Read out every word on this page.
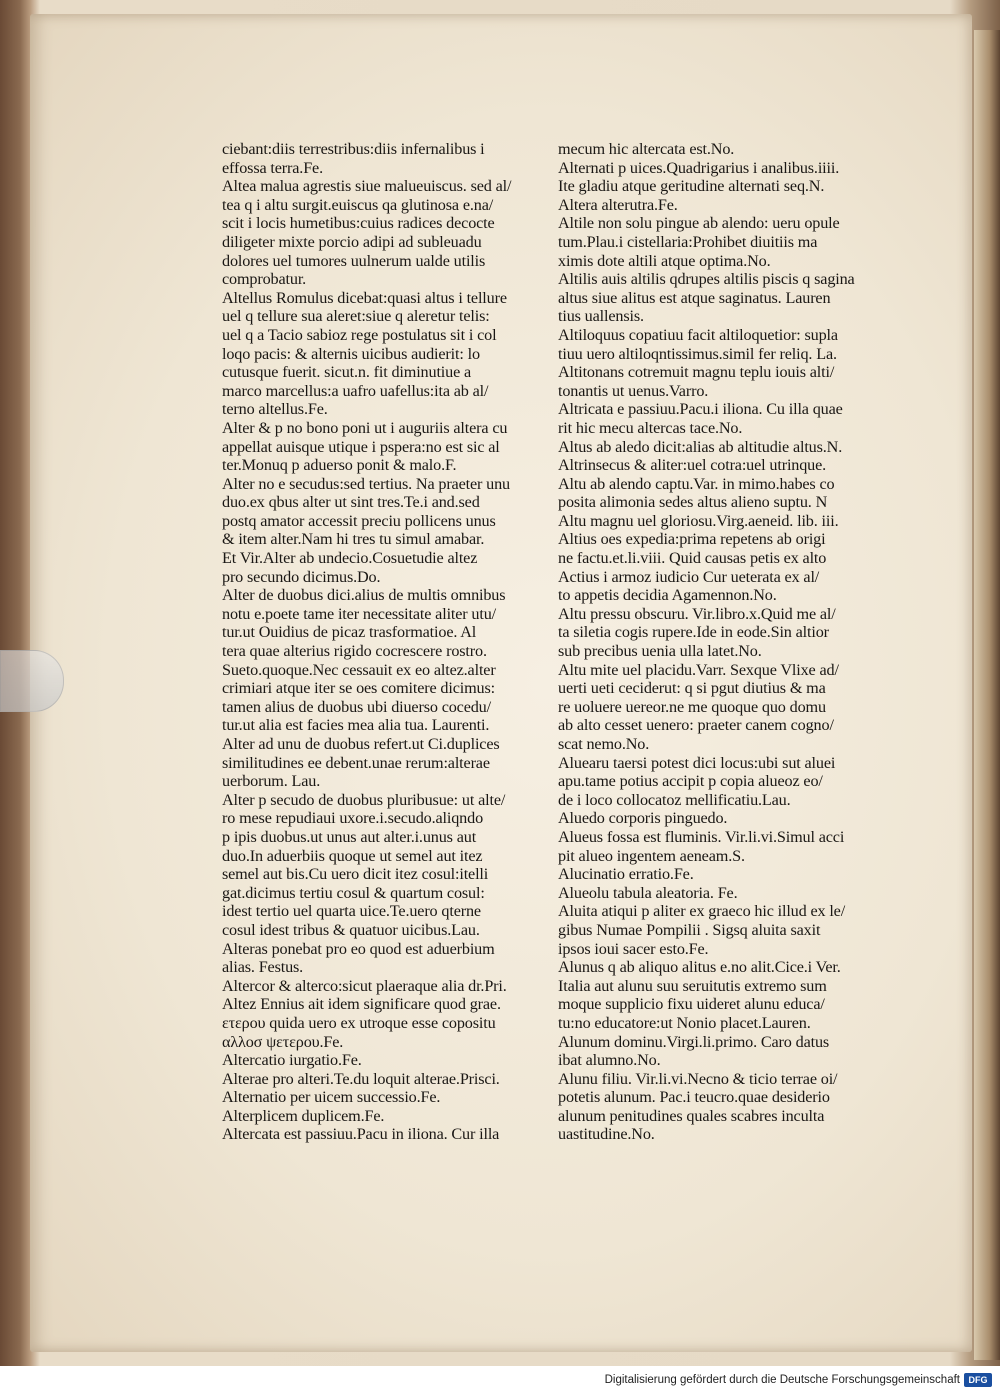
ciebant:diis terrestribus:diis infernalibus i
effossa terra.Fe.

Altea malua agrestis siue malueuiscus. sed al/
tea q i altu surgit.euiscus qa glutinosa e.na/
scit i locis humetibus:cuius radices decocte
diligeter mixte porcio adipi ad subleuadu
dolores uel tumores uulnerum ualde utilis
comprobatur.

Altellus Romulus dicebat:quasi altus i tellure
uel q tellure sua aleret:siue q aleretur telis:
uel q a Tacio sabioz rege postulatus sit i col
loqo pacis: & alternis uicibus audierit: lo
cutusque fuerit. sicut.n. fit diminutiue a
marco marcellus:a uafro uafellus:ita ab al/
terno altellus.Fe.

Alter & p no bono poni ut i auguriis altera cu
appellat auisque utique i pspera:no est sic al
ter.Monuq p aduerso ponit & malo.F.

Alter no e secudus:sed tertius. Na praeter unu
duo.ex qbus alter ut sint tres.Te.i and.sed
postq amator accessit preciu pollicens unus
& item alter.Nam hi tres tu simul amabar.
Et Vir.Alter ab undecio.Cosuetudie altez
pro secundo dicimus.Do.

Alter de duobus dici.alius de multis omnibus
notu e.poete tame iter necessitate aliter utu/
tur.ut Ouidius de picaz trasformatioe. Al
tera quae alterius rigido cocrescere rostro.
Sueto.quoque.Nec cessauit ex eo altez.alter
crimiari atque iter se oes comitere dicimus:
tamen alius de duobus ubi diuerso cocedu/
tur.ut alia est facies mea alia tua. Laurenti.

Alter ad unu de duobus refert.ut Ci.duplices
similitudines ee debent.unae rerum:alterae
uerborum. Lau.

Alter p secudo de duobus pluribusue: ut alte/
ro mese repudiaui uxore.i.secudo.aliqndo
p ipis duobus.ut unus aut alter.i.unus aut
duo.In aduerbiis quoque ut semel aut itez
semel aut bis.Cu uero dicit itez cosul:itelli
gat.dicimus tertiu cosul & quartum cosul:
idest tertio uel quarta uice.Te.uero qterne
cosul idest tribus & quatuor uicibus.Lau.

Alteras ponebat pro eo quod est aduerbium
alias. Festus.

Altercor & alterco:sicut plaeraque alia dr.Pri.

Altez Ennius ait idem significare quod grae.
ετερου quida uero ex utroque esse copositu
αλλοσ ψετερου.Fe.

Altercatio iurgatio.Fe.

Alterae pro alteri.Te.du loquit alterae.Prisci.

Alternatio per uicem successio.Fe.

Alterplicem duplicem.Fe.

Altercata est passiuu.Pacu in iliona. Cur illa

mecum hic altercata est.No.

Alternati p uices.Quadrigarius i analibus.iiii.
Ite gladiu atque geritudine alternati seq.N.

Altera alterutra.Fe.

Altile non solu pingue ab alendo: ueru opule
tum.Plau.i cistellaria:Prohibet diuitiis ma
ximis dote altili atque optima.No.

Altilis auis altilis qdrupes altilis piscis q sagina
altus siue alitus est atque saginatus. Lauren
tius uallensis.

Altiloquus copatiuu facit altiloquetior: supla
tiuu uero altiloqntissimus.simil fer reliq. La.

Altitonans cotremuit magnu teplu iouis alti/
tonantis ut uenus.Varro.

Altricata e passiuu.Pacu.i iliona. Cu illa quae
rit hic mecu altercas tace.No.

Altus ab aledo dicit:alias ab altitudie altus.N.

Altrinsecus & aliter:uel cotra:uel utrinque.

Altu ab alendo captu.Var. in mimo.habes co
posita alimonia sedes altus alieno suptu. N

Altu magnu uel gloriosu.Virg.aeneid. lib. iii.
Altius oes expedia:prima repetens ab origi
ne factu.et.li.viii. Quid causas petis ex alto
Actius i armoz iudicio Cur ueterata ex al/
to appetis decidia Agamennon.No.

Altu pressu obscuru. Vir.libro.x.Quid me al/
ta siletia cogis rupere.Ide in eode.Sin altior
sub precibus uenia ulla latet.No.

Altu mite uel placidu.Varr. Sexque Vlixe ad/
uerti ueti ceciderut: q si pgut diutius & ma
re uoluere uereor.ne me quoque quo domu
ab alto cesset uenero: praeter canem cogno/
scat nemo.No.

Aluearu taersi potest dici locus:ubi sut aluei
apu.tame potius accipit p copia alueoz eo/
de i loco collocatoz mellificatiu.Lau.

Aluedo corporis pinguedo.

Alueus fossa est fluminis. Vir.li.vi.Simul acci
pit alueo ingentem aeneam.S.

Alucinatio erratio.Fe.

Alueolu tabula aleatoria. Fe.

Aluita atiqui p aliter ex graeco hic illud ex le/
gibus Numae Pompilii . Sigsq aluita saxit
ipsos ioui sacer esto.Fe.

Alunus q ab aliquo alitus e.no alit.Cice.i Ver.
Italia aut alunu suu seruitutis extremo sum
moque supplicio fixu uideret alunu educa/
tu:no educatore:ut Nonio placet.Lauren.

Alunum dominu.Virgi.li.primo. Caro datus
ibat alumno.No.

Alunu filiu. Vir.li.vi.Necno & ticio terrae oi/
potetis alunum. Pac.i teucro.quae desiderio
alunum penitudines quales scabres inculta
uastitudine.No.

Digitalisierung gefördert durch die Deutsche Forschungsgemeinschaft DFG
